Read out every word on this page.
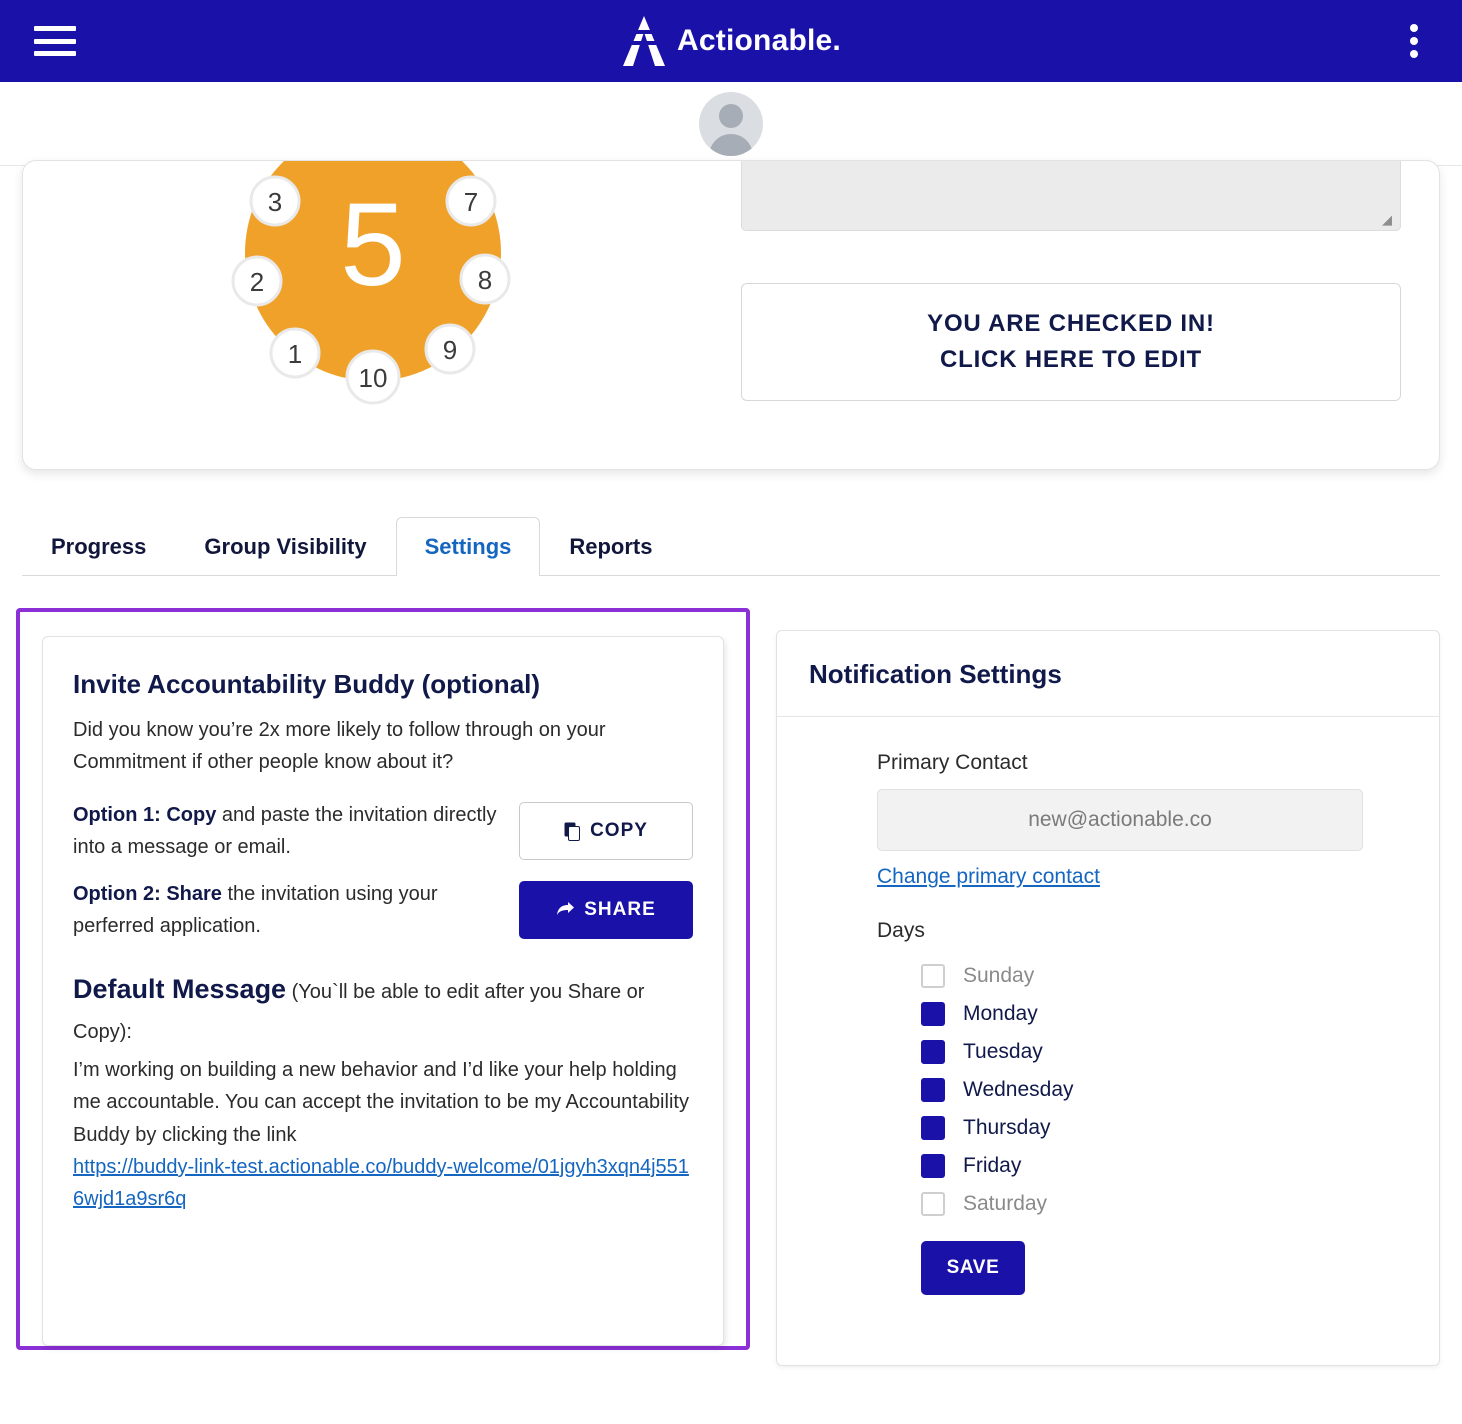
Actionable.
3
2
1
10
9
8
7
5	◢
YOU ARE CHECKED IN!
CLICK HERE TO EDIT
Progress	Group Visibility	Settings	Reports
Invite Accountability Buddy (optional)

Did you know you’re 2x more likely to follow through on your Commitment if other people know about it?

Option 1: Copy and paste the invitation directly into a message or email.
COPY
Option 2: Share the invitation using your perferred application.
SHARE
Default Message (You`ll be able to edit after you Share or Copy):
I’m working on building a new behavior and I’d like your help holding me accountable. You can accept the invitation to be my Accountability Buddy by clicking the link
https://buddy-link-test.actionable.co/buddy-welcome/01jgyh3xqn4j5516wjd1a9sr6q
Notification Settings
Primary Contact
new@actionable.co
Change primary contact
Days
Sunday
Monday
Tuesday
Wednesday
Thursday
Friday
Saturday
SAVE
